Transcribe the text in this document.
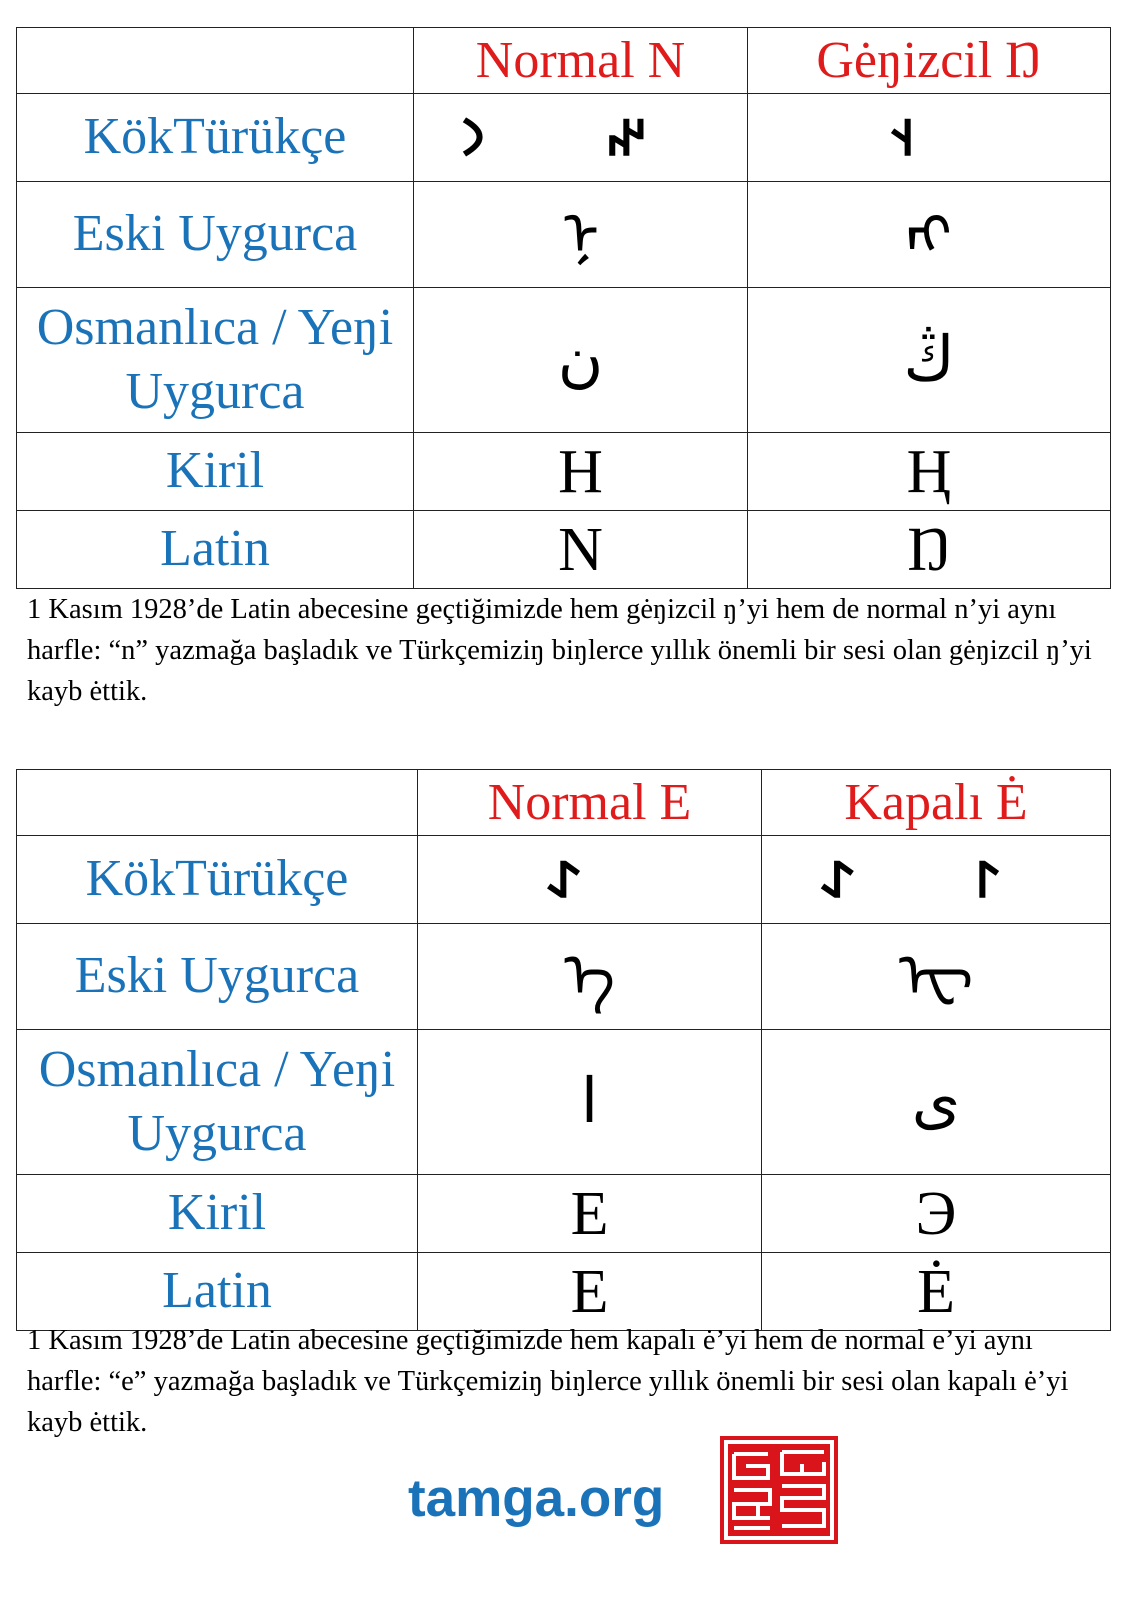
	Normal N	Gėŋizcil Ŋ
KökTürükçe	𐰤 𐰣	𐰭
Eski Uygurca	ᠨ	ᠩ
Osmanlıca / Yeŋi Uygurca	ن	ڭ
Kiril	Н	Ң
Latin	N	Ŋ

1 Kasım 1928’de Latin abecesine geçtiğimizde hem gėŋizcil ŋ’yi hem de normal n’yi aynı harfle: “n” yazmağa başladık ve Türkçemiziŋ biŋlerce yıllık önemli bir sesi olan gėŋizcil ŋ’yi kayb ėttik.

	Normal E	Kapalı Ė
KökTürükçe	𐰀	𐰃 𐰀
Eski Uygurca	ᠡ	ᠧ
Osmanlıca / Yeŋi Uygurca	ا	ى
Kiril	Е	Э
Latin	E	Ė

1 Kasım 1928’de Latin abecesine geçtiğimizde hem kapalı ė’yi hem de normal e’yi aynı harfle: “e” yazmağa başladık ve Türkçemiziŋ biŋlerce yıllık önemli bir sesi olan kapalı ė’yi kayb ėttik.

tamga.org
